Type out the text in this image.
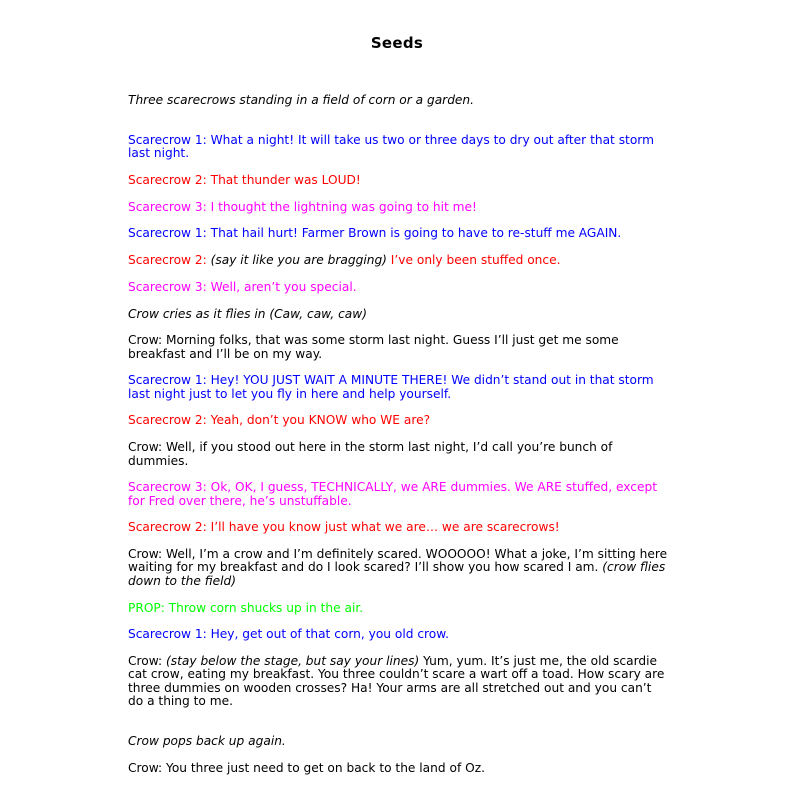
Seeds

Three scarecrows standing in a field of corn or a garden.

Scarecrow 1: What a night! It will take us two or three days to dry out after that storm last night.

Scarecrow 2: That thunder was LOUD!

Scarecrow 3: I thought the lightning was going to hit me!

Scarecrow 1: That hail hurt! Farmer Brown is going to have to re-stuff me AGAIN.

Scarecrow 2: (say it like you are bragging) I’ve only been stuffed once.

Scarecrow 3: Well, aren’t you special.

Crow cries as it flies in (Caw, caw, caw)

Crow: Morning folks, that was some storm last night. Guess I’ll just get me some breakfast and I’ll be on my way.

Scarecrow 1: Hey! YOU JUST WAIT A MINUTE THERE! We didn’t stand out in that storm last night just to let you fly in here and help yourself.

Scarecrow 2: Yeah, don’t you KNOW who WE are?

Crow: Well, if you stood out here in the storm last night, I’d call you’re bunch of dummies.

Scarecrow 3: Ok, OK, I guess, TECHNICALLY, we ARE dummies. We ARE stuffed, except for Fred over there, he’s unstuffable.

Scarecrow 2: I’ll have you know just what we are… we are scarecrows!

Crow: Well, I’m a crow and I’m definitely scared. WOOOOO! What a joke, I’m sitting here waiting for my breakfast and do I look scared? I’ll show you how scared I am. (crow flies down to the field)

PROP: Throw corn shucks up in the air.

Scarecrow 1: Hey, get out of that corn, you old crow.

Crow: (stay below the stage, but say your lines) Yum, yum. It’s just me, the old scardie cat crow, eating my breakfast. You three couldn’t scare a wart off a toad. How scary are three dummies on wooden crosses? Ha! Your arms are all stretched out and you can’t do a thing to me.

Crow pops back up again.

Crow: You three just need to get on back to the land of Oz.
